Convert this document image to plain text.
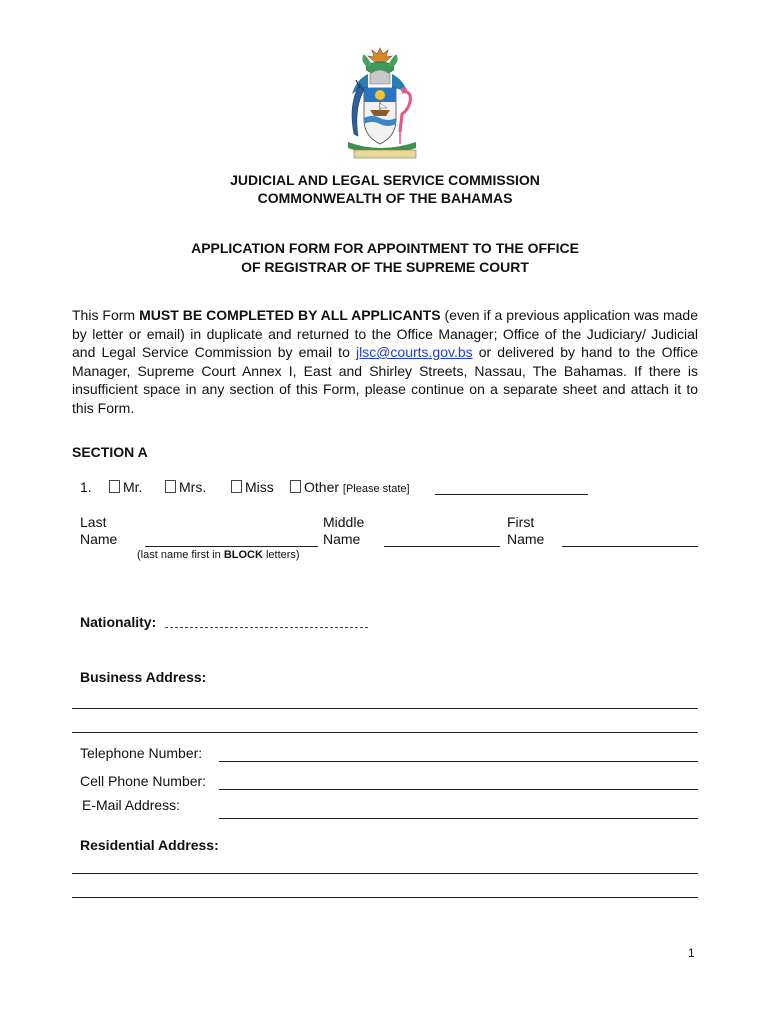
JUDICIAL AND LEGAL SERVICE COMMISSION
COMMONWEALTH OF THE BAHAMAS
APPLICATION FORM FOR APPOINTMENT TO THE OFFICE
OF REGISTRAR OF THE SUPREME COURT
This Form MUST BE COMPLETED BY ALL APPLICANTS (even if a previous application was made by letter or email) in duplicate and returned to the Office Manager; Office of the Judiciary/ Judicial and Legal Service Commission by email to jlsc@courts.gov.bs or delivered by hand to the Office Manager, Supreme Court Annex I, East and Shirley Streets, Nassau, The Bahamas. If there is insufficient space in any section of this Form, please continue on a separate sheet and attach it to this Form.
SECTION A
1.	Mr.	Mrs.	Miss	Other [Please state]
Last
Name
Middle
Name
First
Name
(last name first in BLOCK letters)
Nationality:
Business Address:
Telephone Number:
Cell Phone Number:
E-Mail Address:
Residential Address:
1
